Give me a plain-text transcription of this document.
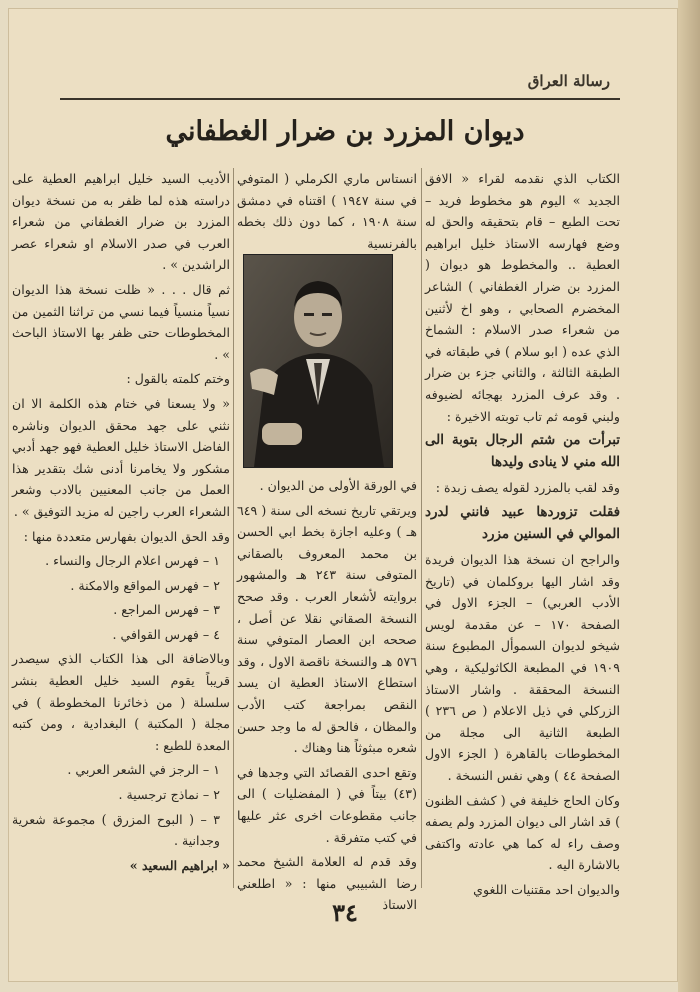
رسالة العراق
ديوان المزرد بن ضرار الغطفاني

الكتاب الذي نقدمه لقراء « الافق الجديد » اليوم هو مخطوط فريد – تحت الطبع – قام بتحقيقه والحق له وضع فهارسه الاستاذ خليل ابراهيم العطية .. والمخطوط هو ديوان ( المزرد بن ضرار الغطفاني ) الشاعر المخضرم الصحابي ، وهو اخ لأثنين من شعراء صدر الاسلام : الشماخ الذي عده ( ابو سلام ) في طبقاته في الطبقة الثالثة ، والثاني جزء بن ضرار . وقد عرف المزرد بهجائه لضيوفه ولبني قومه ثم تاب توبته الاخيرة :

تبرأت من شتم الرجال بتوبة الى الله مني لا ينادى وليدها

وقد لقب بالمزرد لقوله يصف زبدة :

فقلت تزوردها عبيد فانني لدرد الموالي في السنين مزرد

والراجح ان نسخة هذا الديوان فريدة وقد اشار اليها بروكلمان في (تاريخ الأدب العربي) – الجزء الاول في الصفحة ١٧٠ – عن مقدمة لويس شيخو لديوان السموأل المطبوع سنة ١٩٠٩ في المطبعة الكاثوليكية ، وهي النسخة المحققة . واشار الاستاذ الزركلي في ذيل الاعلام ( ص ٢٣٦ ) الطبعة الثانية الى مجلة من المخطوطات بالقاهرة ( الجزء الاول الصفحة ٤٤ ) وهي نفس النسخة .

وكان الحاج خليفة في ( كشف الظنون ) قد اشار الى ديوان المزرد ولم يصفه وصف راء له كما هي عادته واكتفى بالاشارة اليه .

والديوان احد مقتنيات اللغوي

انستاس ماري الكرملي ( المتوفي في سنة ١٩٤٧ ) اقتناه في دمشق سنة ١٩٠٨ ، كما دون ذلك بخطه بالفرنسية

في الورقة الأولى من الديوان .

ويرتقي تاريخ نسخه الى سنة ( ٦٤٩ هـ ) وعليه اجازة بخط ابي الحسن بن محمد المعروف بالصقاني المتوفى سنة ٢٤٣ هـ والمشهور بروايته لأشعار العرب . وقد صحح النسخة الصقاني نقلا عن أصل ، صححه ابن العصار المتوفي سنة ٥٧٦ هـ والنسخة ناقصة الاول ، وقد استطاع الاستاذ العطية ان يسد النقص بمراجعة كتب الأدب والمظان ، فالحق له ما وجد حسن شعره مبثوثاً هنا وهناك .

وتقع احدى القصائد التي وجدها في (٤٣) بيتاً في ( المفضليات ) الى جانب مقطوعات اخرى عثر عليها في كتب متفرقة .

وقد قدم له العلامة الشيخ محمد رضا الشبيبي منها : « اطلعني الاستاذ

الأديب السيد خليل ابراهيم العطية على دراسته هذه لما ظفر به من نسخة ديوان المزرد بن ضرار الغطفاني من شعراء العرب في صدر الاسلام او شعراء عصر الراشدين » .

ثم قال . . . « ظلت نسخة هذا الديوان نسياً منسياً فيما نسي من تراثنا الثمين من المخطوطات حتى ظفر بها الاستاذ الباحث » .

وختم كلمته بالقول :

« ولا يسعنا في ختام هذه الكلمة الا ان نثني على جهد محقق الديوان وناشره الفاضل الاستاذ خليل العطية فهو جهد أدبي مشكور ولا يخامرنا أدنى شك بتقدير هذا العمل من جانب المعنيين بالادب وشعر الشعراء العرب راجين له مزيد التوفيق » .

وقد الحق الديوان بفهارس متعددة منها :

١ – فهرس اعلام الرجال والنساء .

٢ – فهرس المواقع والامكنة .

٣ – فهرس المراجع .

٤ – فهرس القوافي .

وبالاضافة الى هذا الكتاب الذي سيصدر قريباً يقوم السيد خليل العطية بنشر سلسلة ( من ذخائرنا المخطوطة ) في مجلة ( المكتبة ) البغدادية ، ومن كتبه المعدة للطبع :

١ – الرجز في الشعر العربي .

٢ – نماذج ترجسية .

٣ – ( البوح المزرق ) مجموعة شعرية وجدانية .

« ابراهيم السعيد »

٣٤
